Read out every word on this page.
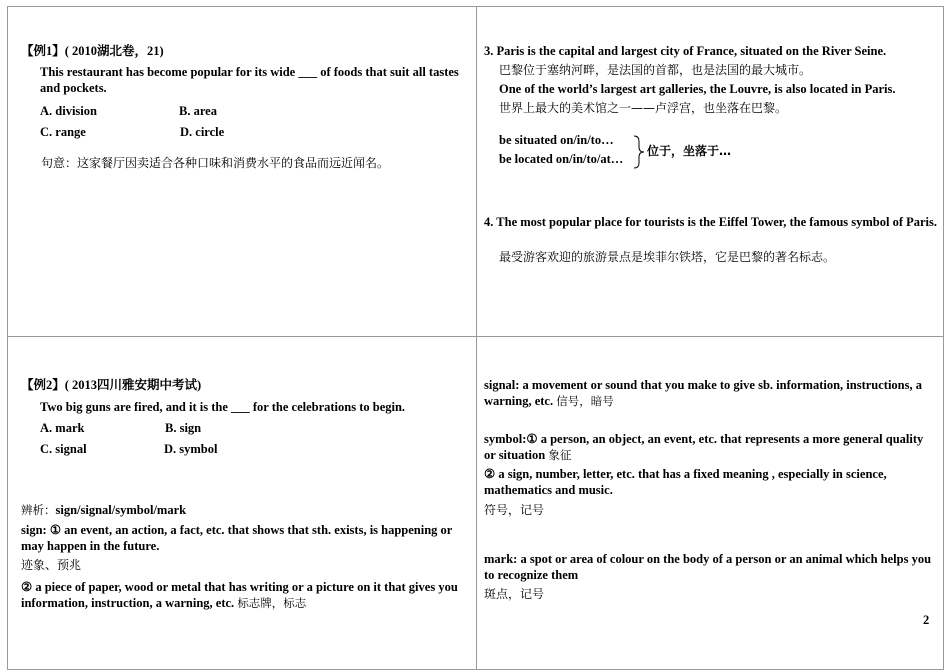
【例1】( 2010湖北卷，21)
This restaurant has become popular for its wide ___ of foods that suit all tastes and pockets.
A. division	B. area
C. range	D. circle
句意：这家餐厅因卖适合各种口味和消费水平的食品而远近闻名。
3. Paris is the capital and largest city of France, situated on the River Seine.
巴黎位于塞纳河畔，是法国的首都，也是法国的最大城市。
One of the world’s largest art galleries, the Louvre, is also located in Paris.
世界上最大的美术馆之一——卢浮宫，也坐落在巴黎。
be situated on/in/to…
be located on/in/to/at…
位于，坐落于…
4. The most popular place for tourists is the Eiffel Tower, the famous symbol of Paris.
最受游客欢迎的旅游景点是埃菲尔铁塔，它是巴黎的著名标志。
【例2】( 2013四川雅安期中考试)
Two big guns are fired, and it is the ___ for the celebrations to begin.
A. mark	B. sign
C. signal	D. symbol
辨析：sign/signal/symbol/mark
sign: ① an event, an action, a fact, etc. that shows that sth. exists, is happening or may happen in the future.
迹象、预兆
② a piece of paper, wood or metal that has writing or a picture on it that gives you information, instruction, a warning, etc. 标志牌，标志
signal: a movement or sound that you make to give sb. information, instructions, a warning, etc. 信号，暗号
symbol:① a person, an object, an event, etc. that represents a more general quality or situation 象征
② a sign, number, letter, etc. that has a fixed meaning , especially in science, mathematics and music.
符号，记号
mark: a spot or area of colour on the body of a person or an animal which helps you to recognize them
斑点，记号
2
